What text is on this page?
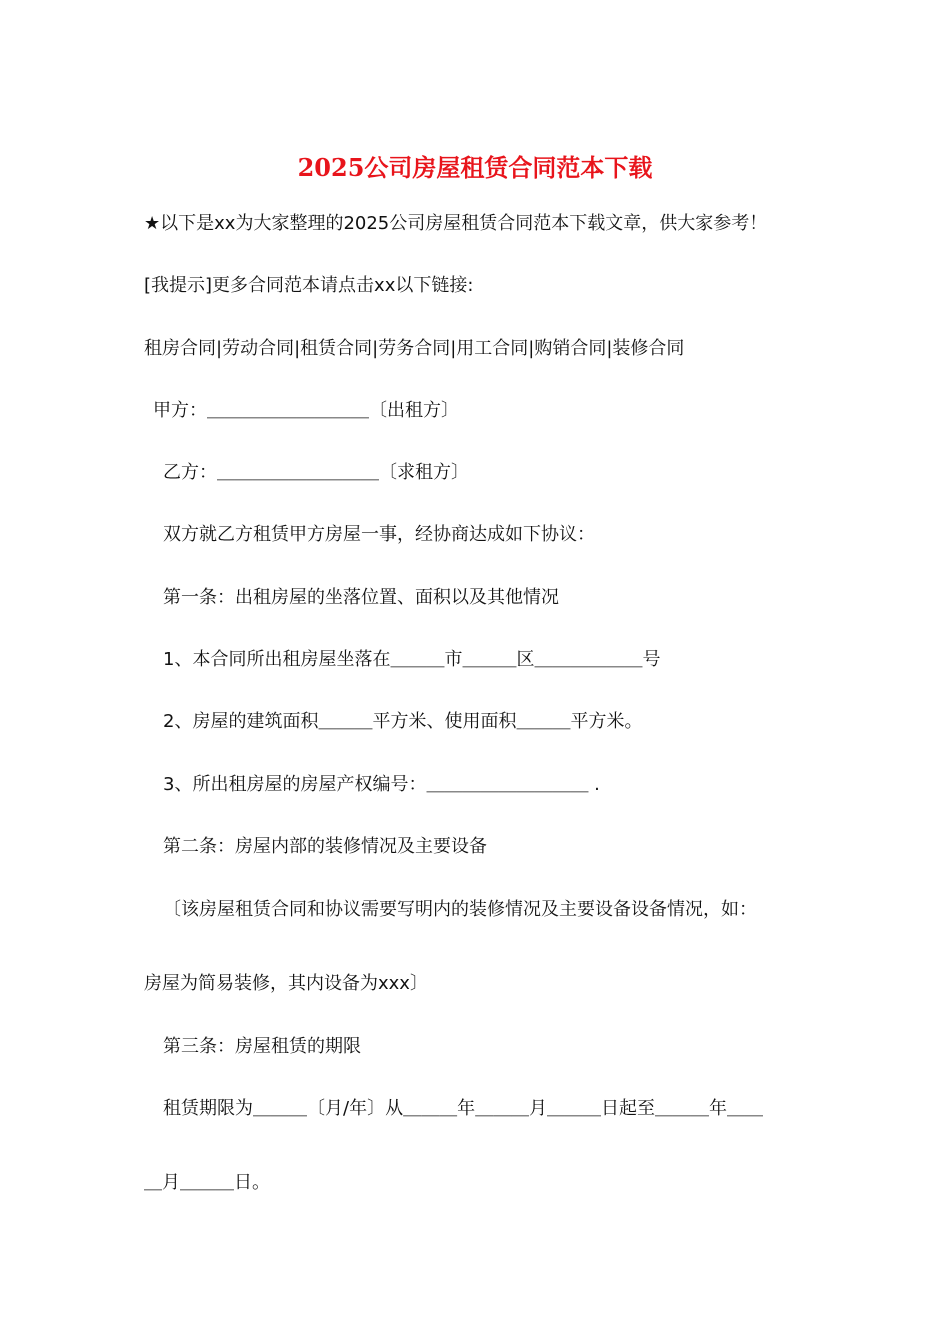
2025公司房屋租赁合同范本下载
★以下是xx为大家整理的2025公司房屋租赁合同范本下载文章，供大家参考！
[我提示]更多合同范本请点击xx以下链接:
租房合同|劳动合同|租赁合同|劳务合同|用工合同|购销合同|装修合同
甲方：＿＿＿＿＿＿＿＿＿〔出租方〕
乙方：＿＿＿＿＿＿＿＿＿〔求租方〕
双方就乙方租赁甲方房屋一事，经协商达成如下协议：
第一条：出租房屋的坐落位置、面积以及其他情况
1、本合同所出租房屋坐落在＿＿＿市＿＿＿区＿＿＿＿＿＿号
2、房屋的建筑面积＿＿＿平方米、使用面积＿＿＿平方米。
3、所出租房屋的房屋产权编号：＿＿＿＿＿＿＿＿＿ .
第二条：房屋内部的装修情况及主要设备
〔该房屋租赁合同和协议需要写明内的装修情况及主要设备设备情况，如：
房屋为简易装修，其内设备为xxx〕
第三条：房屋租赁的期限
租赁期限为＿＿＿〔月/年〕从＿＿＿年＿＿＿月＿＿＿日起至＿＿＿年＿＿
＿月＿＿＿日。
